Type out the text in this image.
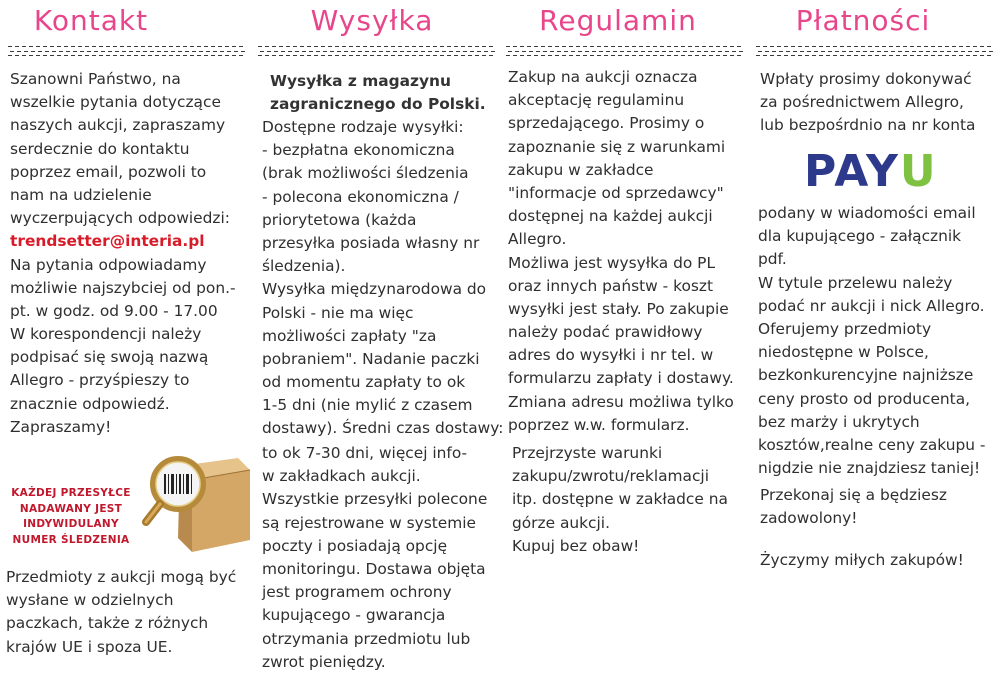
Kontakt
Szanowni Państwo, na
wszelkie pytania dotyczące
naszych aukcji, zapraszamy
serdecznie do kontaktu
poprzez email, pozwoli to
nam na udzielenie
wyczerpujących odpowiedzi:
trendsetter@interia.pl
Na pytania odpowiadamy
możliwie najszybciej od pon.-
pt. w godz. od 9.00 - 17.00
W korespondencji należy
podpisać się swoją nazwą
Allegro - przyśpieszy to
znacznie odpowiedź.
Zapraszamy!
KAŻDEJ PRZESYŁCE
NADAWANY JEST
INDYWIDULANY
NUMER ŚLEDZENIA
Przedmioty z aukcji mogą być
wysłane w odzielnych
paczkach, także z różnych
krajów UE i spoza UE.
Wysyłka
Wysyłka z magazynu
zagranicznego do Polski.
Dostępne rodzaje wysyłki:
- bezpłatna ekonomiczna
(brak możliwości śledzenia
- polecona ekonomiczna /
priorytetowa (każda
przesyłka posiada własny nr
śledzenia).
Wysyłka międzynarodowa do
Polski - nie ma więc
możliwości zapłaty "za
pobraniem". Nadanie paczki
od momentu zapłaty to ok
1-5 dni (nie mylić z czasem
dostawy). Średni czas dostawy:
to ok 7-30 dni, więcej info-
w zakładkach aukcji.
Wszystkie przesyłki polecone
są rejestrowane w systemie
poczty i posiadają opcję
monitoringu. Dostawa objęta
jest programem ochrony
kupującego - gwarancja
otrzymania przedmiotu lub
zwrot pieniędzy.
Regulamin
Zakup na aukcji oznacza
akceptację regulaminu
sprzedającego. Prosimy o
zapoznanie się z warunkami
zakupu w zakładce
"informacje od sprzedawcy"
dostępnej na każdej aukcji
Allegro.
Możliwa jest wysyłka do PL
oraz innych państw - koszt
wysyłki jest stały. Po zakupie
należy podać prawidłowy
adres do wysyłki i nr tel. w
formularzu zapłaty i dostawy.
Zmiana adresu możliwa tylko
poprzez w.w. formularz.
Przejrzyste warunki
zakupu/zwrotu/reklamacji
itp. dostępne w zakładce na
górze aukcji.
Kupuj bez obaw!
Płatności
Wpłaty prosimy dokonywać
za pośrednictwem Allegro,
lub bezpośrdnio na nr konta
PAYU
podany w wiadomości email
dla kupującego - załącznik
pdf.
W tytule przelewu należy
podać nr aukcji i nick Allegro.
Oferujemy przedmioty
niedostępne w Polsce,
bezkonkurencyjne najniższe
ceny prosto od producenta,
bez marży i ukrytych
kosztów,realne ceny zakupu -
nigdzie nie znajdziesz taniej!
Przekonaj się a będziesz
zadowolony!
Życzymy miłych zakupów!
